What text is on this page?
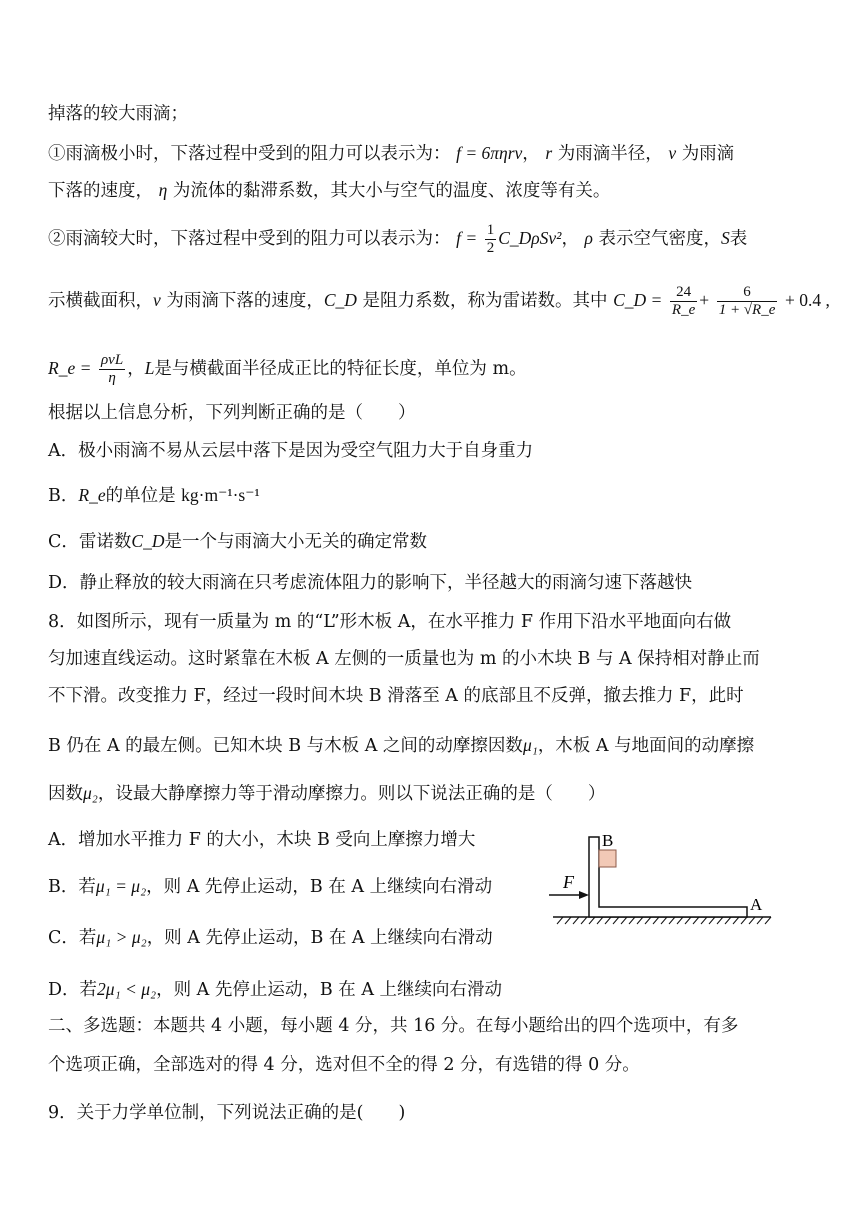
掉落的较大雨滴；
①雨滴极小时，下落过程中受到的阻力可以表示为： f = 6πηrv， r 为雨滴半径， v 为雨滴
下落的速度， η 为流体的黏滞系数，其大小与空气的温度、浓度等有关。
②雨滴较大时，下落过程中受到的阻力可以表示为： $f = \frac{1}{2}$ C_DρSv²， ρ 表示空气密度，S表
示横截面积，v 为雨滴下落的速度，C_D 是阻力系数，称为雷诺数。其中 C_D = $\frac{24}{R\_e} + \frac{6}{1 + √R\_e} + 0.4$ ,
R_e = $\frac{\text{ρvL}}{\eta}$ ，L是与横截面半径成正比的特征长度，单位为 m。
根据以上信息分析，下列判断正确的是（　　）
A．极小雨滴不易从云层中落下是因为受空气阻力大于自身重力
B．R_e的单位是 kg·m⁻¹·s⁻¹
C．雷诺数C_D是一个与雨滴大小无关的确定常数
D．静止释放的较大雨滴在只考虑流体阻力的影响下，半径越大的雨滴匀速下落越快
8．如图所示，现有一质量为 m 的“L”形木板 A，在水平推力 F 作用下沿水平地面向右做
匀加速直线运动。这时紧靠在木板 A 左侧的一质量也为 m 的小木块 B 与 A 保持相对静止而
不下滑。改变推力 F，经过一段时间木块 B 滑落至 A 的底部且不反弹，撤去推力 F，此时
B 仍在 A 的最左侧。已知木块 B 与木板 A 之间的动摩擦因数μ₁，木板 A 与地面间的动摩擦
因数μ₂，设最大静摩擦力等于滑动摩擦力。则以下说法正确的是（　　）
A．增加水平推力 F 的大小，木块 B 受向上摩擦力增大
B．若μ₁ = μ₂，则 A 先停止运动，B 在 A 上继续向右滑动
C．若μ₁ > μ₂，则 A 先停止运动，B 在 A 上继续向右滑动
D．若2μ₁ < μ₂，则 A 先停止运动，B 在 A 上继续向右滑动
B
F
A
二、多选题：本题共 4 小题，每小题 4 分，共 16 分。在每小题给出的四个选项中，有多
个选项正确，全部选对的得 4 分，选对但不全的得 2 分，有选错的得 0 分。
9．关于力学单位制，下列说法正确的是(　　)
